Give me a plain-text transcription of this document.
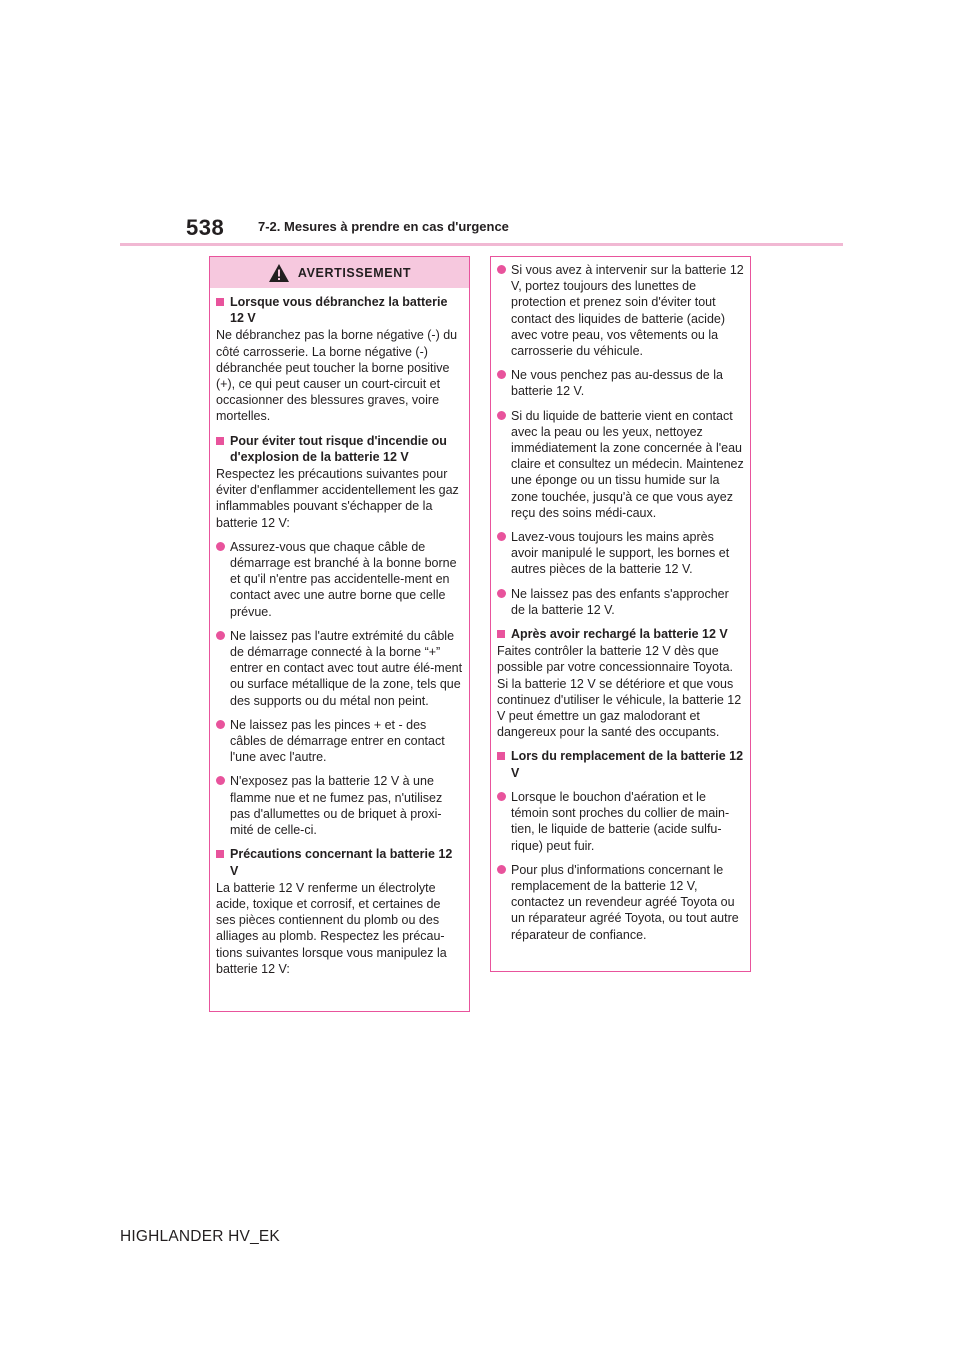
538	7-2. Mesures à prendre en cas d'urgence
AVERTISSEMENT
Lorsque vous débranchez la batterie 12 V
Ne débranchez pas la borne négative (-) du côté carrosserie. La borne négative (-) débranchée peut toucher la borne positive (+), ce qui peut causer un court-circuit et occasionner des blessures graves, voire mortelles.
Pour éviter tout risque d'incendie ou d'explosion de la batterie 12 V
Respectez les précautions suivantes pour éviter d'enflammer accidentellement les gaz inflammables pouvant s'échapper de la batterie 12 V:
Assurez-vous que chaque câble de démarrage est branché à la bonne borne et qu'il n'entre pas accidentelle-ment en contact avec une autre borne que celle prévue.
Ne laissez pas l'autre extrémité du câble de démarrage connecté à la borne “+” entrer en contact avec tout autre élé-ment ou surface métallique de la zone, tels que des supports ou du métal non peint.
Ne laissez pas les pinces + et - des câbles de démarrage entrer en contact l'une avec l'autre.
N'exposez pas la batterie 12 V à une flamme nue et ne fumez pas, n'utilisez pas d'allumettes ou de briquet à proxi-mité de celle-ci.
Précautions concernant la batterie 12 V
La batterie 12 V renferme un électrolyte acide, toxique et corrosif, et certaines de ses pièces contiennent du plomb ou des alliages au plomb. Respectez les précau-tions suivantes lorsque vous manipulez la batterie 12 V:
Si vous avez à intervenir sur la batterie 12 V, portez toujours des lunettes de protection et prenez soin d'éviter tout contact des liquides de batterie (acide) avec votre peau, vos vêtements ou la carrosserie du véhicule.
Ne vous penchez pas au-dessus de la batterie 12 V.
Si du liquide de batterie vient en contact avec la peau ou les yeux, nettoyez immédiatement la zone concernée à l'eau claire et consultez un médecin. Maintenez une éponge ou un tissu humide sur la zone touchée, jusqu'à ce que vous ayez reçu des soins médi-caux.
Lavez-vous toujours les mains après avoir manipulé le support, les bornes et autres pièces de la batterie 12 V.
Ne laissez pas des enfants s'approcher de la batterie 12 V.
Après avoir rechargé la batterie 12 V
Faites contrôler la batterie 12 V dès que possible par votre concessionnaire Toyota. Si la batterie 12 V se détériore et que vous continuez d'utiliser le véhicule, la batterie 12 V peut émettre un gaz malodorant et dangereux pour la santé des occupants.
Lors du remplacement de la batterie 12 V
Lorsque le bouchon d'aération et le témoin sont proches du collier de main-tien, le liquide de batterie (acide sulfu-rique) peut fuir.
Pour plus d'informations concernant le remplacement de la batterie 12 V, contactez un revendeur agréé Toyota ou un réparateur agréé Toyota, ou tout autre réparateur de confiance.
HIGHLANDER HV_EK
